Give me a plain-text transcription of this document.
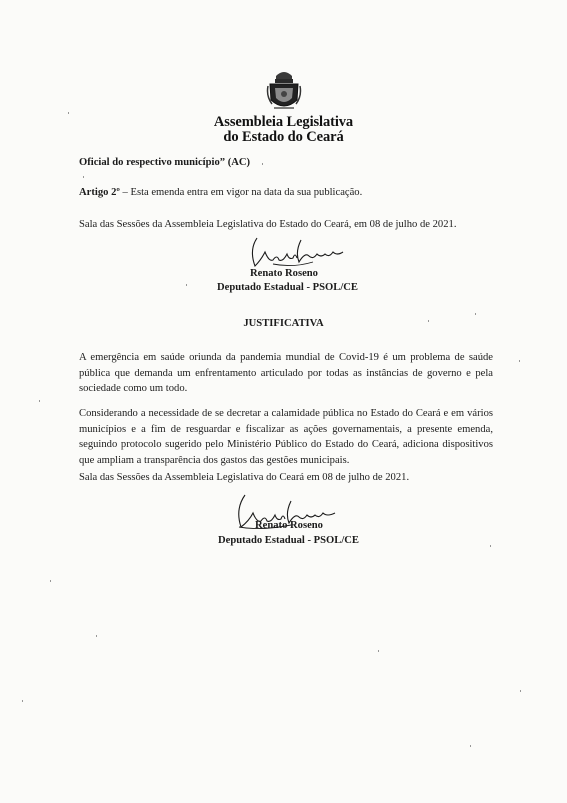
Assembleia Legislativa
do Estado do Ceará
Oficial do respectivo município” (AC)
Artigo 2º – Esta emenda entra em vigor na data da sua publicação.
Sala das Sessões da Assembleia Legislativa do Estado do Ceará, em 08 de julho de 2021.
Renato Roseno
Deputado Estadual - PSOL/CE
JUSTIFICATIVA
A emergência em saúde oriunda da pandemia mundial de Covid-19 é um problema de saúde pública que demanda um enfrentamento articulado por todas as instâncias de governo e pela sociedade como um todo.
Considerando a necessidade de se decretar a calamidade pública no Estado do Ceará e em vários municípios e a fim de resguardar e fiscalizar as ações governamentais, a presente emenda, seguindo protocolo sugerido pelo Ministério Público do Estado do Ceará, adiciona dispositivos que ampliam a transparência dos gastos das gestões municipais.
Sala das Sessões da Assembleia Legislativa do Ceará em 08 de julho de 2021.
Renato Roseno
Deputado Estadual - PSOL/CE
